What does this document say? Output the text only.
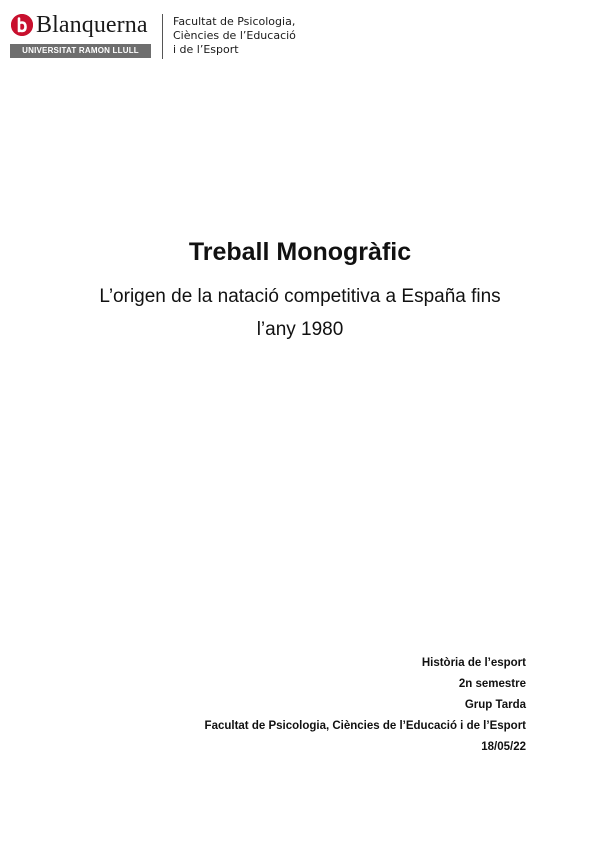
Blanquerna
UNIVERSITAT RAMON LLULL
Facultat de Psicologia,
Ciències de l’Educació
i de l’Esport
Treball Monogràfic
L’origen de la natació competitiva a España fins
l’any 1980
Història de l’esport
2n semestre
Grup Tarda
Facultat de Psicologia, Ciències de l’Educació i de l’Esport
18/05/22
